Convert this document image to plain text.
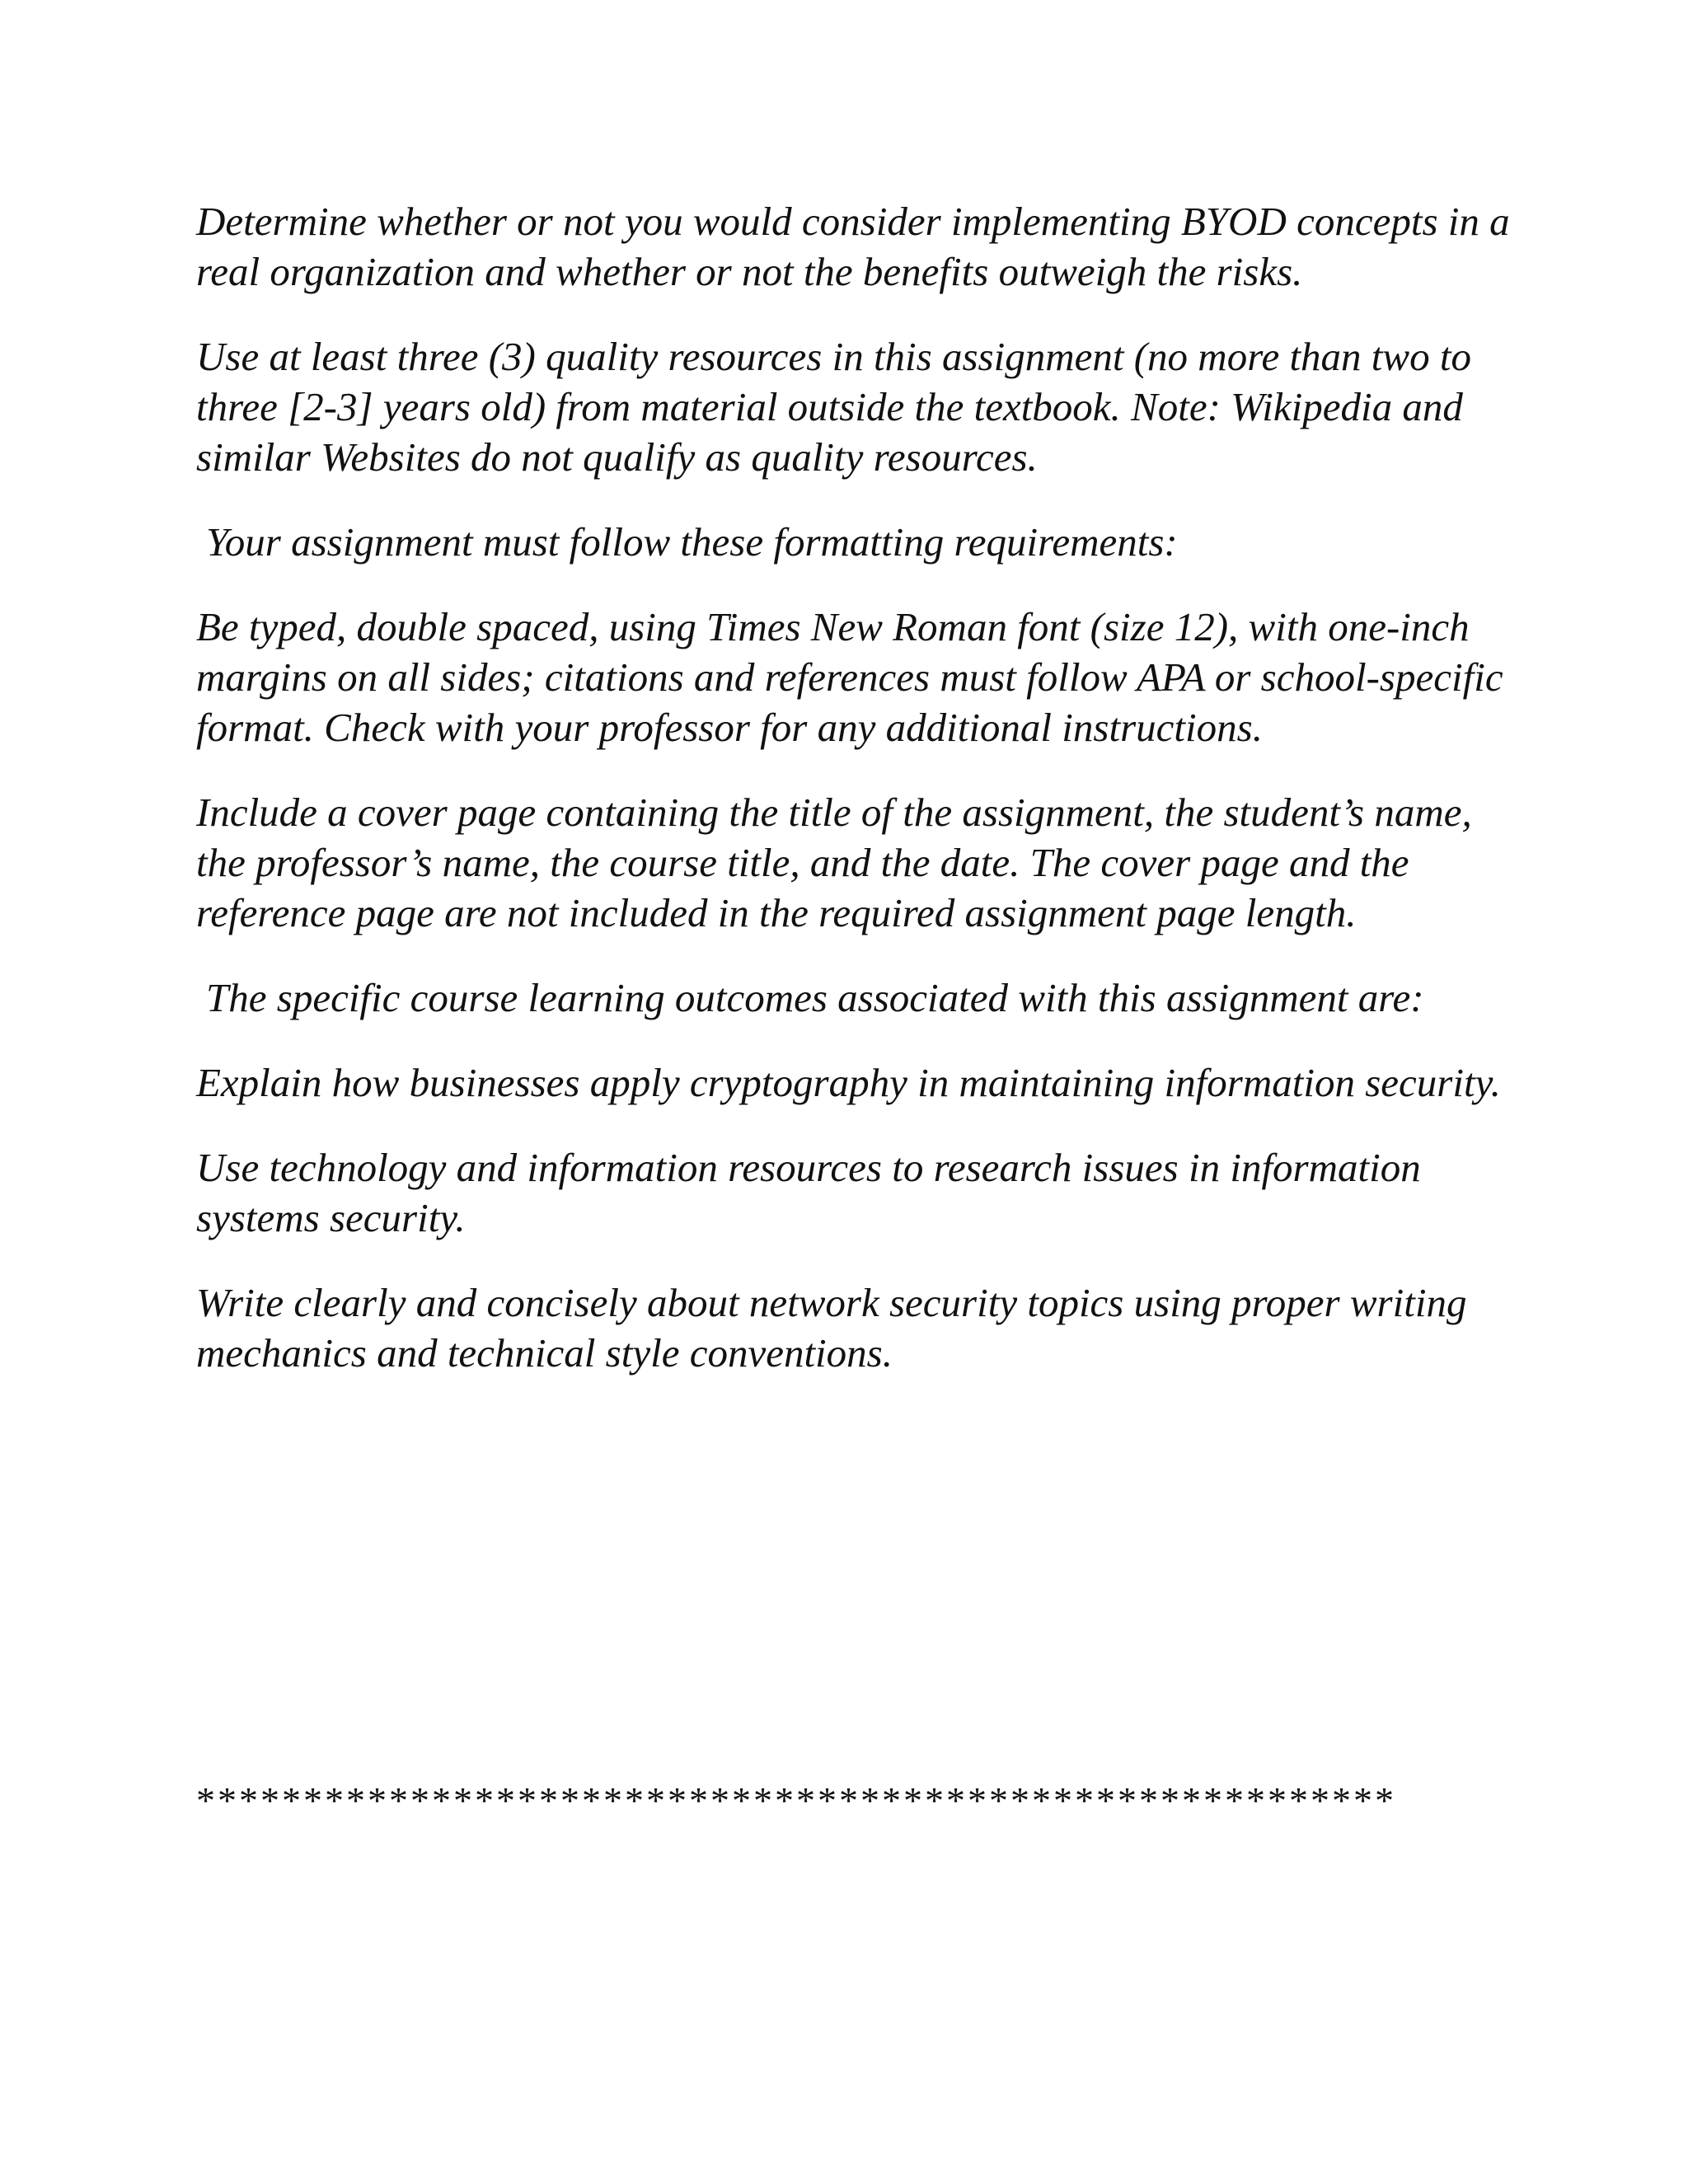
Determine whether or not you would consider implementing BYOD concepts in a real organization and whether or not the benefits outweigh the risks.

Use at least three (3) quality resources in this assignment (no more than two to three [2-3] years old) from material outside the textbook. Note: Wikipedia and similar Websites do not qualify as quality resources.

Your assignment must follow these formatting requirements:

Be typed, double spaced, using Times New Roman font (size 12), with one-inch margins on all sides; citations and references must follow APA or school-specific format. Check with your professor for any additional instructions.

Include a cover page containing the title of the assignment, the student’s name, the professor’s name, the course title, and the date. The cover page and the reference page are not included in the required assignment page length.

The specific course learning outcomes associated with this assignment are:

Explain how businesses apply cryptography in maintaining information security.

Use technology and information resources to research issues in information systems security.

Write clearly and concisely about network security topics using proper writing mechanics and technical style conventions.

********************************************************
